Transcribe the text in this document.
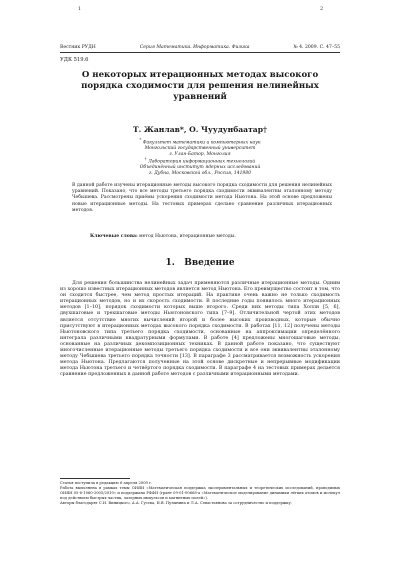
1	2
Вестник РУДН	Серия Математика. Информатика. Физика	№ 4. 2009. С. 47–55
УДК 519.6
О некоторых итерационных методах высокого порядка сходимости для решения нелинейных уравнений
Т. Жанлав*, О. Чуудунбаатар†
* Факультет математики и компьютерных наук
Монгольский государственный университет
г. Улан-Батор, Монголия
† Лаборатория информационных технологий
Объединённый институт ядерных исследований
г. Дубна, Московской обл., Россия, 141980
В данной работе изучены итерационные методы высокого порядка сходимости для решения нелинейных уравнений. Показано, что все методы третьего порядка сходимости эквивалентны эталонному методу Чебышева. Рассмотрены приёмы ускорения сходимости метода Ньютона. На этой основе предложены новые итерационные методы. На тестовых примерах сделано сравнение различных итерационных методов.
Ключевые слова: метод Ньютона, итерационные методы.
1. Введение

Для решения большинства нелинейных задач применяются различные итерационные методы. Одним из хорошо известных итерационных методов является метод Ньютона. Его преимущество состоит в том, что он сходится быстрее, чем метод простых итераций. На практике очень важно не только сходимость итерационных методов, но и их скорость сходимости. В последние годы появилось много итерационных методов [1–10], порядок сходимости которых выше второго. Среди них методы типа Холли [5, 6], двухшаговые и трехшаговые методы Ньютоновского типа [7–9]. Отличительной чертой этих методов является отсутствие многих вычислений второй и более высоких производных, которые обычно присутствуют в итерационных методах высокого порядка сходимости. В работах [11, 12] получены методы Ньютоновского типа третьего порядка сходимости, основанные на аппроксимации определённого интеграла различными квадратурными формулами. В работе [4] предложены многошаговые методы, основанные на различных декомпозиционных техниках. В данной работе показано, что существуют многочисленные итерационные методы третьего порядка сходимости и все они эквивалентны эталонному методу Чебышева третьего порядка точности [13]. В параграфе 3 рассматривается возможность ускорения метода Ньютона. Предлагаются полученные на этой основе дискретные и непрерывные модификации метода Ньютона третьего и четвёртого порядка сходимости. В параграфе 4 на тестовых примерах делается сравнение предложенных в данной работе методов с различными итерационными методами.

Статья поступила в редакцию 6 апреля 2009 г.

Работа выполнена в рамках темы ОИЯИ «Математическая поддержка экспериментальных и теоретических исследований, проводимых ОИЯИ 05-6-1060-2005/2010» и поддержана РФФИ (грант 09-01-00668-а «Математическое моделирование динамики лёгких атомов и молекул под действием быстрых частиц, лазерных импульсов и магнитных полей»).

Авторы благодарят С.И. Виницкого, А.А. Гусева, И.В. Пузынина и Л.А. Севастьянова за сотрудничество и поддержку.
